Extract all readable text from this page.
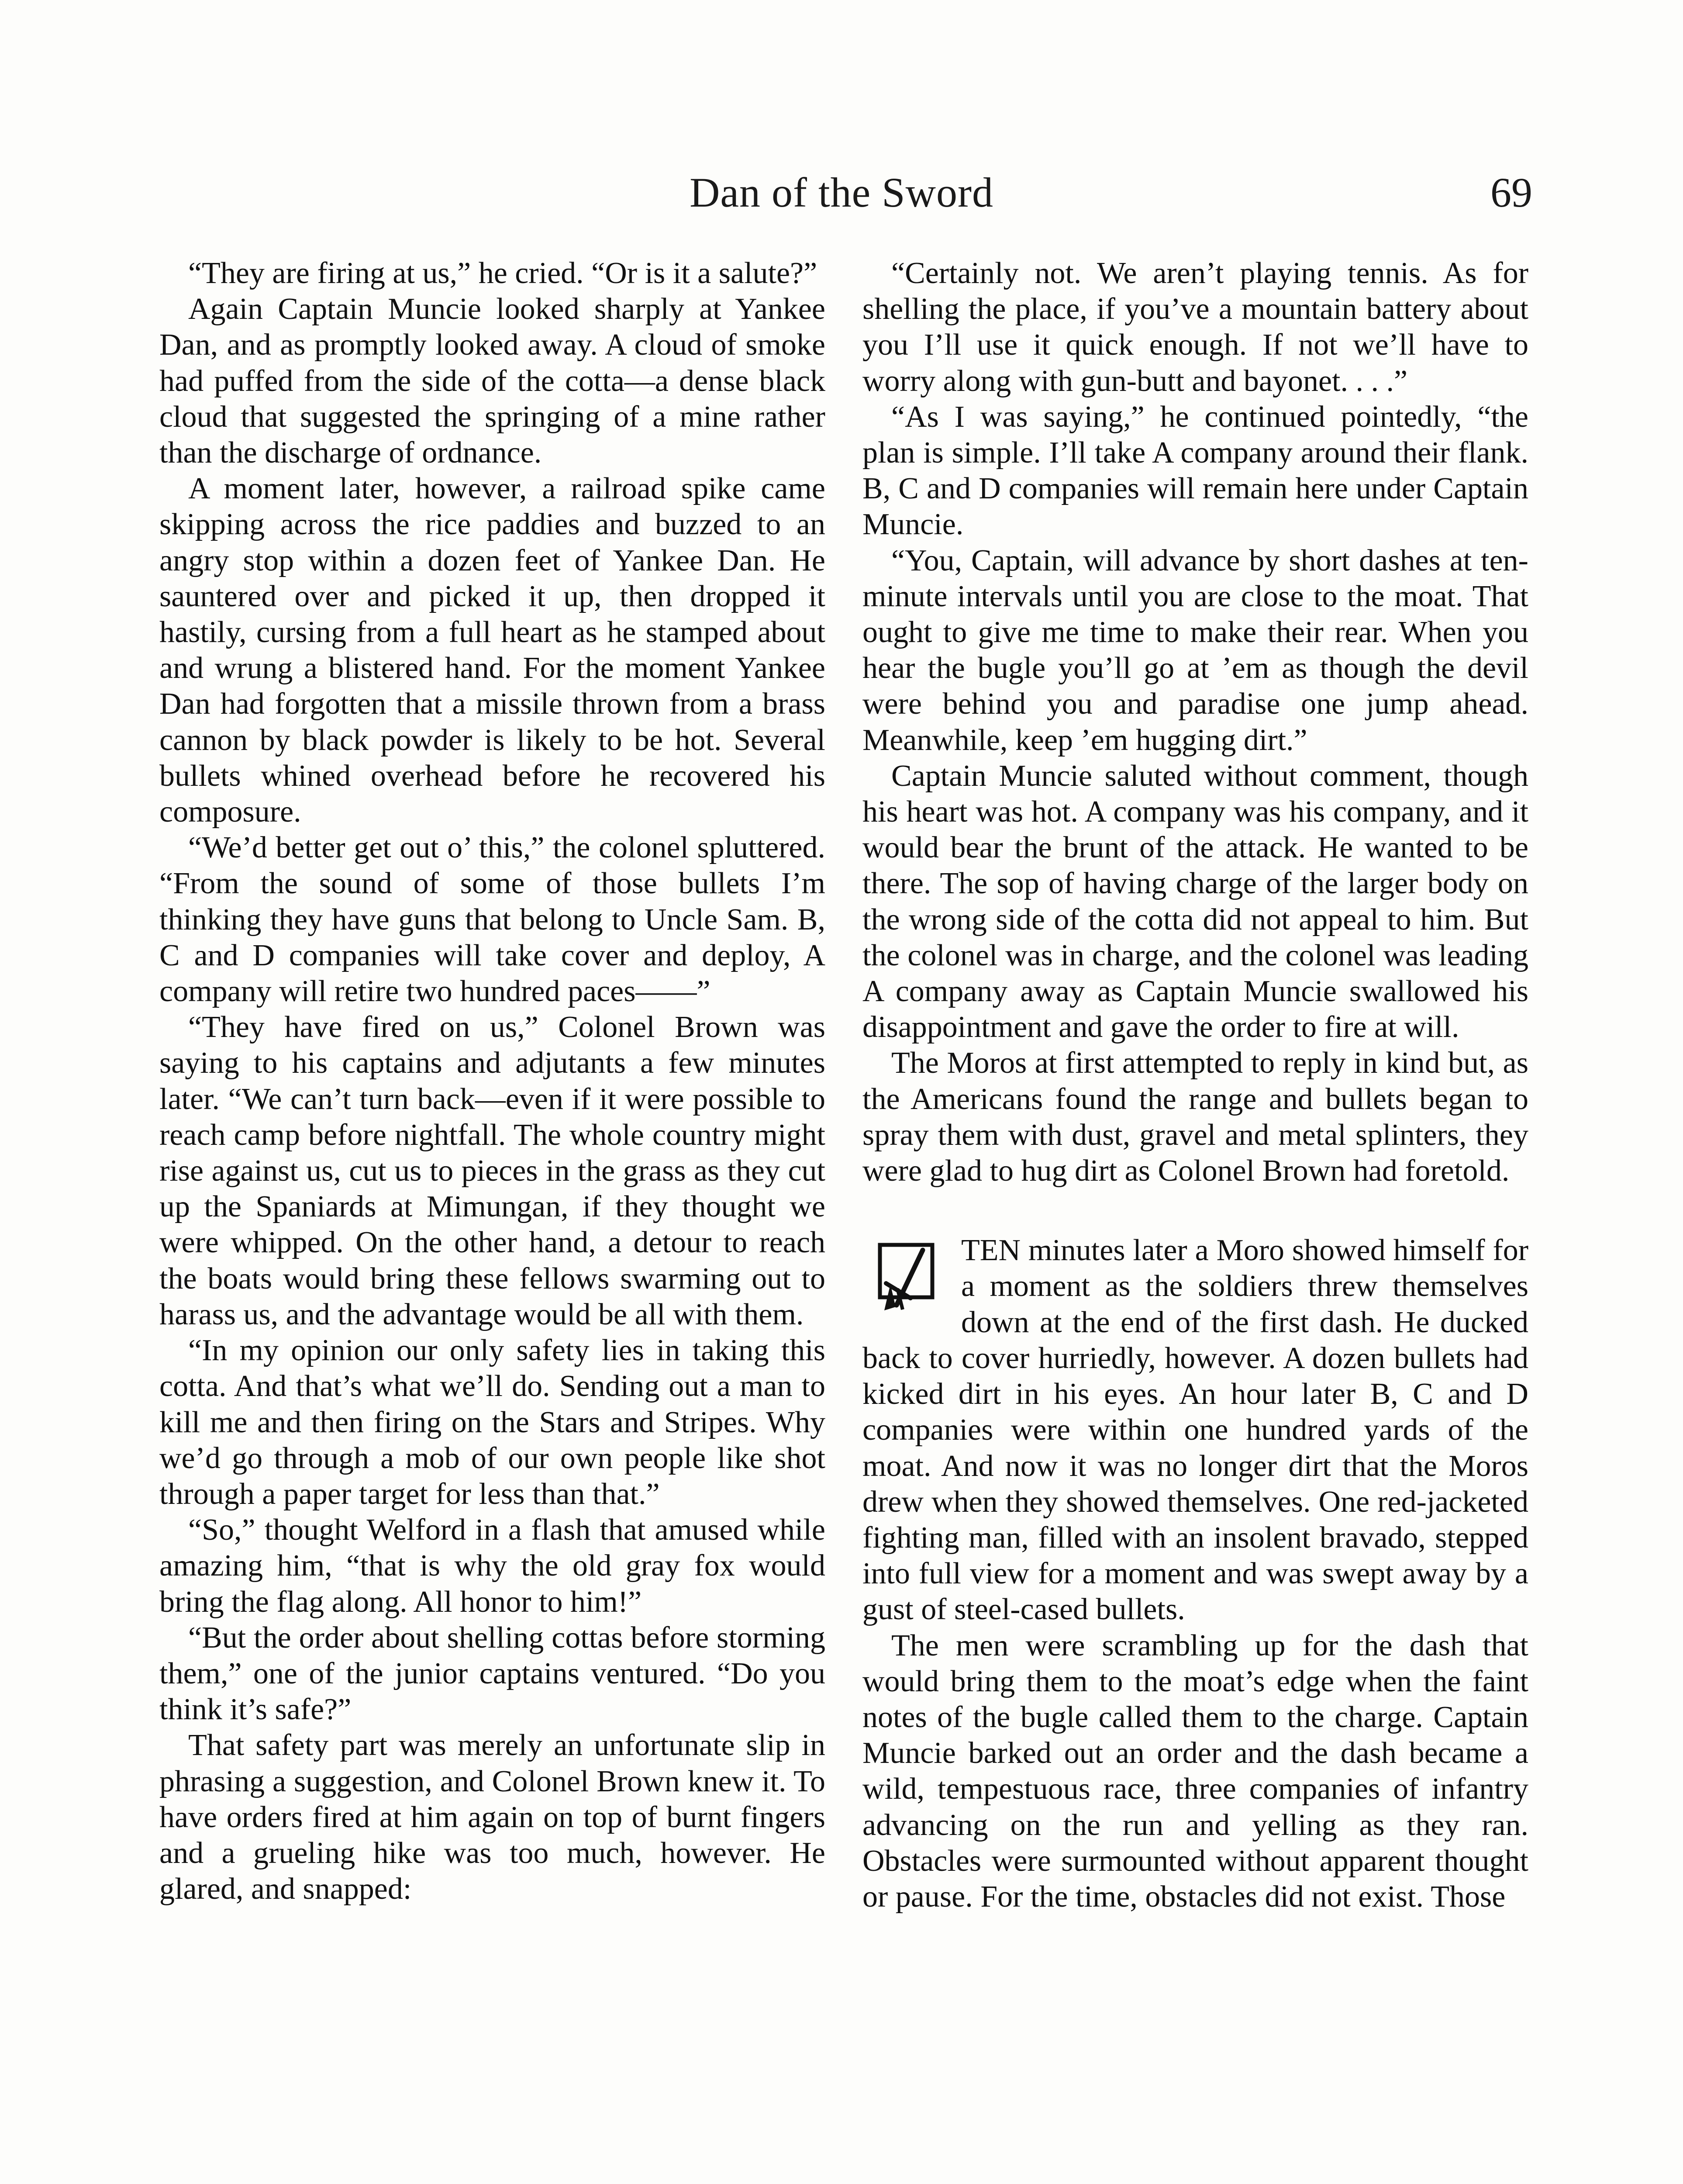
Dan of the Sword	69

“They are firing at us,” he cried. “Or is it a salute?”

Again Captain Muncie looked sharply at Yankee Dan, and as promptly looked away. A cloud of smoke had puffed from the side of the cotta—a dense black cloud that suggested the springing of a mine rather than the discharge of ordnance.

A moment later, however, a railroad spike came skipping across the rice paddies and buzzed to an angry stop within a dozen feet of Yankee Dan. He sauntered over and picked it up, then dropped it hastily, cursing from a full heart as he stamped about and wrung a blistered hand. For the moment Yankee Dan had forgotten that a missile thrown from a brass cannon by black powder is likely to be hot. Several bullets whined overhead before he recovered his composure.

“We’d better get out o’ this,” the colonel spluttered. “From the sound of some of those bullets I’m thinking they have guns that belong to Uncle Sam. B, C and D companies will take cover and deploy, A company will retire two hundred paces——”

“They have fired on us,” Colonel Brown was saying to his captains and adjutants a few minutes later. “We can’t turn back—even if it were possible to reach camp before nightfall. The whole country might rise against us, cut us to pieces in the grass as they cut up the Spaniards at Mimungan, if they thought we were whipped. On the other hand, a detour to reach the boats would bring these fellows swarming out to harass us, and the advantage would be all with them.

“In my opinion our only safety lies in taking this cotta. And that’s what we’ll do. Sending out a man to kill me and then firing on the Stars and Stripes. Why we’d go through a mob of our own people like shot through a paper target for less than that.”

“So,” thought Welford in a flash that amused while amazing him, “that is why the old gray fox would bring the flag along. All honor to him!”

“But the order about shelling cottas before storming them,” one of the junior captains ventured. “Do you think it’s safe?”

That safety part was merely an unfortunate slip in phrasing a suggestion, and Colonel Brown knew it. To have orders fired at him again on top of burnt fingers and a grueling hike was too much, however. He glared, and snapped:

“Certainly not. We aren’t playing tennis. As for shelling the place, if you’ve a mountain battery about you I’ll use it quick enough. If not we’ll have to worry along with gun-butt and bayonet. . . .”

“As I was saying,” he continued pointedly, “the plan is simple. I’ll take A company around their flank. B, C and D companies will remain here under Captain Muncie.

“You, Captain, will advance by short dashes at ten-minute intervals until you are close to the moat. That ought to give me time to make their rear. When you hear the bugle you’ll go at ’em as though the devil were behind you and paradise one jump ahead. Meanwhile, keep ’em hugging dirt.”

Captain Muncie saluted without comment, though his heart was hot. A company was his company, and it would bear the brunt of the attack. He wanted to be there. The sop of having charge of the larger body on the wrong side of the cotta did not appeal to him. But the colonel was in charge, and the colonel was leading A company away as Captain Muncie swallowed his disappointment and gave the order to fire at will.

The Moros at first attempted to reply in kind but, as the Americans found the range and bullets began to spray them with dust, gravel and metal splinters, they were glad to hug dirt as Colonel Brown had foretold.

TEN minutes later a Moro showed himself for a moment as the soldiers threw themselves down at the end of the first dash. He ducked back to cover hurriedly, however. A dozen bullets had kicked dirt in his eyes. An hour later B, C and D companies were within one hundred yards of the moat. And now it was no longer dirt that the Moros drew when they showed themselves. One red-jacketed fighting man, filled with an insolent bravado, stepped into full view for a moment and was swept away by a gust of steel-cased bullets.

The men were scrambling up for the dash that would bring them to the moat’s edge when the faint notes of the bugle called them to the charge. Captain Muncie barked out an order and the dash became a wild, tempestuous race, three companies of infantry advancing on the run and yelling as they ran. Obstacles were surmounted without apparent thought or pause. For the time, obstacles did not exist. Those
